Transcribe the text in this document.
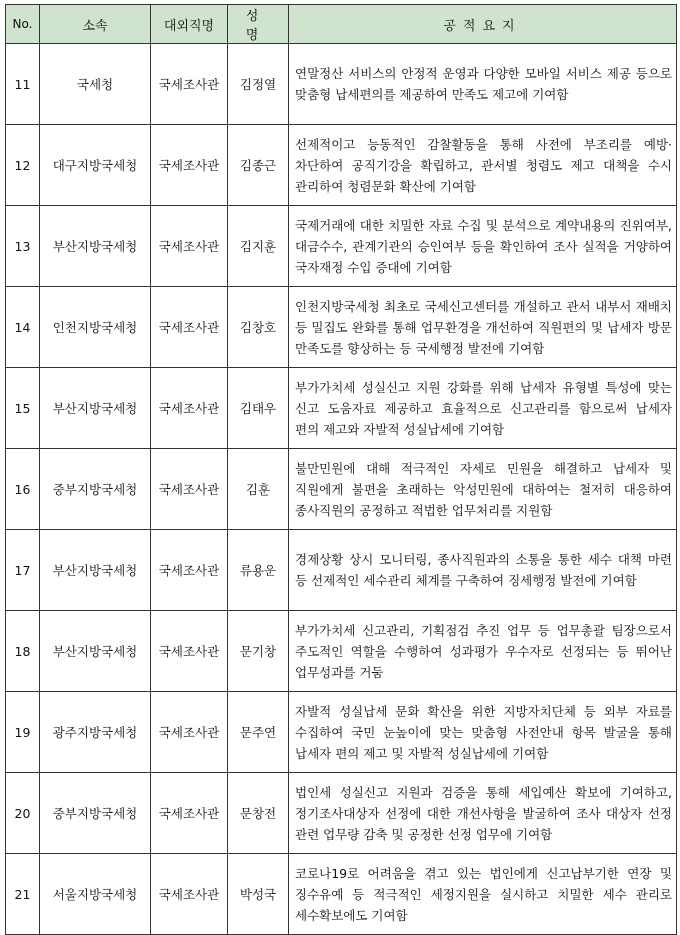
No.	소속	대외직명	성 명	공적요지
11	국세청	국세조사관	김정열	연말정산 서비스의 안정적 운영과 다양한 모바일 서비스 제공 등으로 맞춤형 납세편의를 제공하여 만족도 제고에 기여함
12	대구지방국세청	국세조사관	김종근	선제적이고 능동적인 감찰활동을 통해 사전에 부조리를 예방·차단하여 공직기강을 확립하고, 관서별 청렴도 제고 대책을 수시 관리하여 청렴문화 확산에 기여함
13	부산지방국세청	국세조사관	김지훈	국제거래에 대한 치밀한 자료 수집 및 분석으로 계약내용의 진위여부, 대금수수, 관계기관의 승인여부 등을 확인하여 조사 실적을 거양하여 국자재정 수입 증대에 기여함
14	인천지방국세청	국세조사관	김창호	인천지방국세청 최초로 국세신고센터를 개설하고 관서 내부서 재배치 등 밀집도 완화를 통해 업무환경을 개선하여 직원편의 및 납세자 방문 만족도를 향상하는 등 국세행정 발전에 기여함
15	부산지방국세청	국세조사관	김태우	부가가치세 성실신고 지원 강화를 위해 납세자 유형별 특성에 맞는 신고 도움자료 제공하고 효율적으로 신고관리를 함으로써 납세자 편의 제고와 자발적 성실납세에 기여함
16	중부지방국세청	국세조사관	김훈	불만민원에 대해 적극적인 자세로 민원을 해결하고 납세자 및 직원에게 불편을 초래하는 악성민원에 대하여는 철저히 대응하여 종사직원의 공정하고 적법한 업무처리를 지원함
17	부산지방국세청	국세조사관	류용운	경제상황 상시 모니터링, 종사직원과의 소통을 통한 세수 대책 마련 등 선제적인 세수관리 체계를 구축하여 징세행정 발전에 기여함
18	부산지방국세청	국세조사관	문기창	부가가치세 신고관리, 기획점검 추진 업무 등 업무총괄 팀장으로서 주도적인 역할을 수행하여 성과평가 우수자로 선정되는 등 뛰어난 업무성과를 거둠
19	광주지방국세청	국세조사관	문주연	자발적 성실납세 문화 확산을 위한 지방자치단체 등 외부 자료를 수집하여 국민 눈높이에 맞는 맞춤형 사전안내 항목 발굴을 통해 납세자 편의 제고 및 자발적 성실납세에 기여함
20	중부지방국세청	국세조사관	문창전	법인세 성실신고 지원과 검증을 통해 세입예산 확보에 기여하고, 정기조사대상자 선정에 대한 개선사항을 발굴하여 조사 대상자 선정 관련 업무량 감축 및 공정한 선정 업무에 기여함
21	서울지방국세청	국세조사관	박성국	코로나19로 어려움을 겪고 있는 법인에게 신고납부기한 연장 및 징수유예 등 적극적인 세정지원을 실시하고 치밀한 세수 관리로 세수확보에도 기여함
